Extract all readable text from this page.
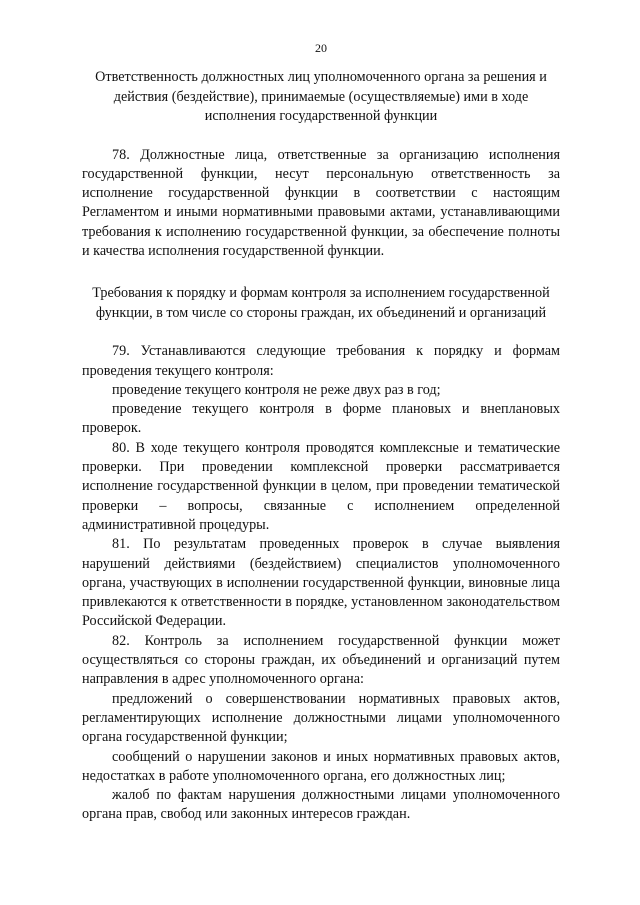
20
Ответственность должностных лиц уполномоченного органа за решения и действия (бездействие), принимаемые (осуществляемые) ими в ходе исполнения государственной функции

78. Должностные лица, ответственные за организацию исполнения государственной функции, несут персональную ответственность за исполнение государственной функции в соответствии с настоящим Регламентом и иными нормативными правовыми актами, устанавливающими требования к исполнению государственной функции, за обеспечение полноты и качества исполнения государственной функции.

Требования к порядку и формам контроля за исполнением государственной функции, в том числе со стороны граждан, их объединений и организаций

79. Устанавливаются следующие требования к порядку и формам проведения текущего контроля:

проведение текущего контроля не реже двух раз в год;

проведение текущего контроля в форме плановых и внеплановых проверок.

80. В ходе текущего контроля проводятся комплексные и тематические проверки. При проведении комплексной проверки рассматривается исполнение государственной функции в целом, при проведении тематической проверки – вопросы, связанные с исполнением определенной административной процедуры.

81. По результатам проведенных проверок в случае выявления нарушений действиями (бездействием) специалистов уполномоченного органа, участвующих в исполнении государственной функции, виновные лица привлекаются к ответственности в порядке, установленном законодательством Российской Федерации.

82. Контроль за исполнением государственной функции может осуществляться со стороны граждан, их объединений и организаций путем направления в адрес уполномоченного органа:

предложений о совершенствовании нормативных правовых актов, регламентирующих исполнение должностными лицами уполномоченного органа государственной функции;

сообщений о нарушении законов и иных нормативных правовых актов, недостатках в работе уполномоченного органа, его должностных лиц;

жалоб по фактам нарушения должностными лицами уполномоченного органа прав, свобод или законных интересов граждан.
